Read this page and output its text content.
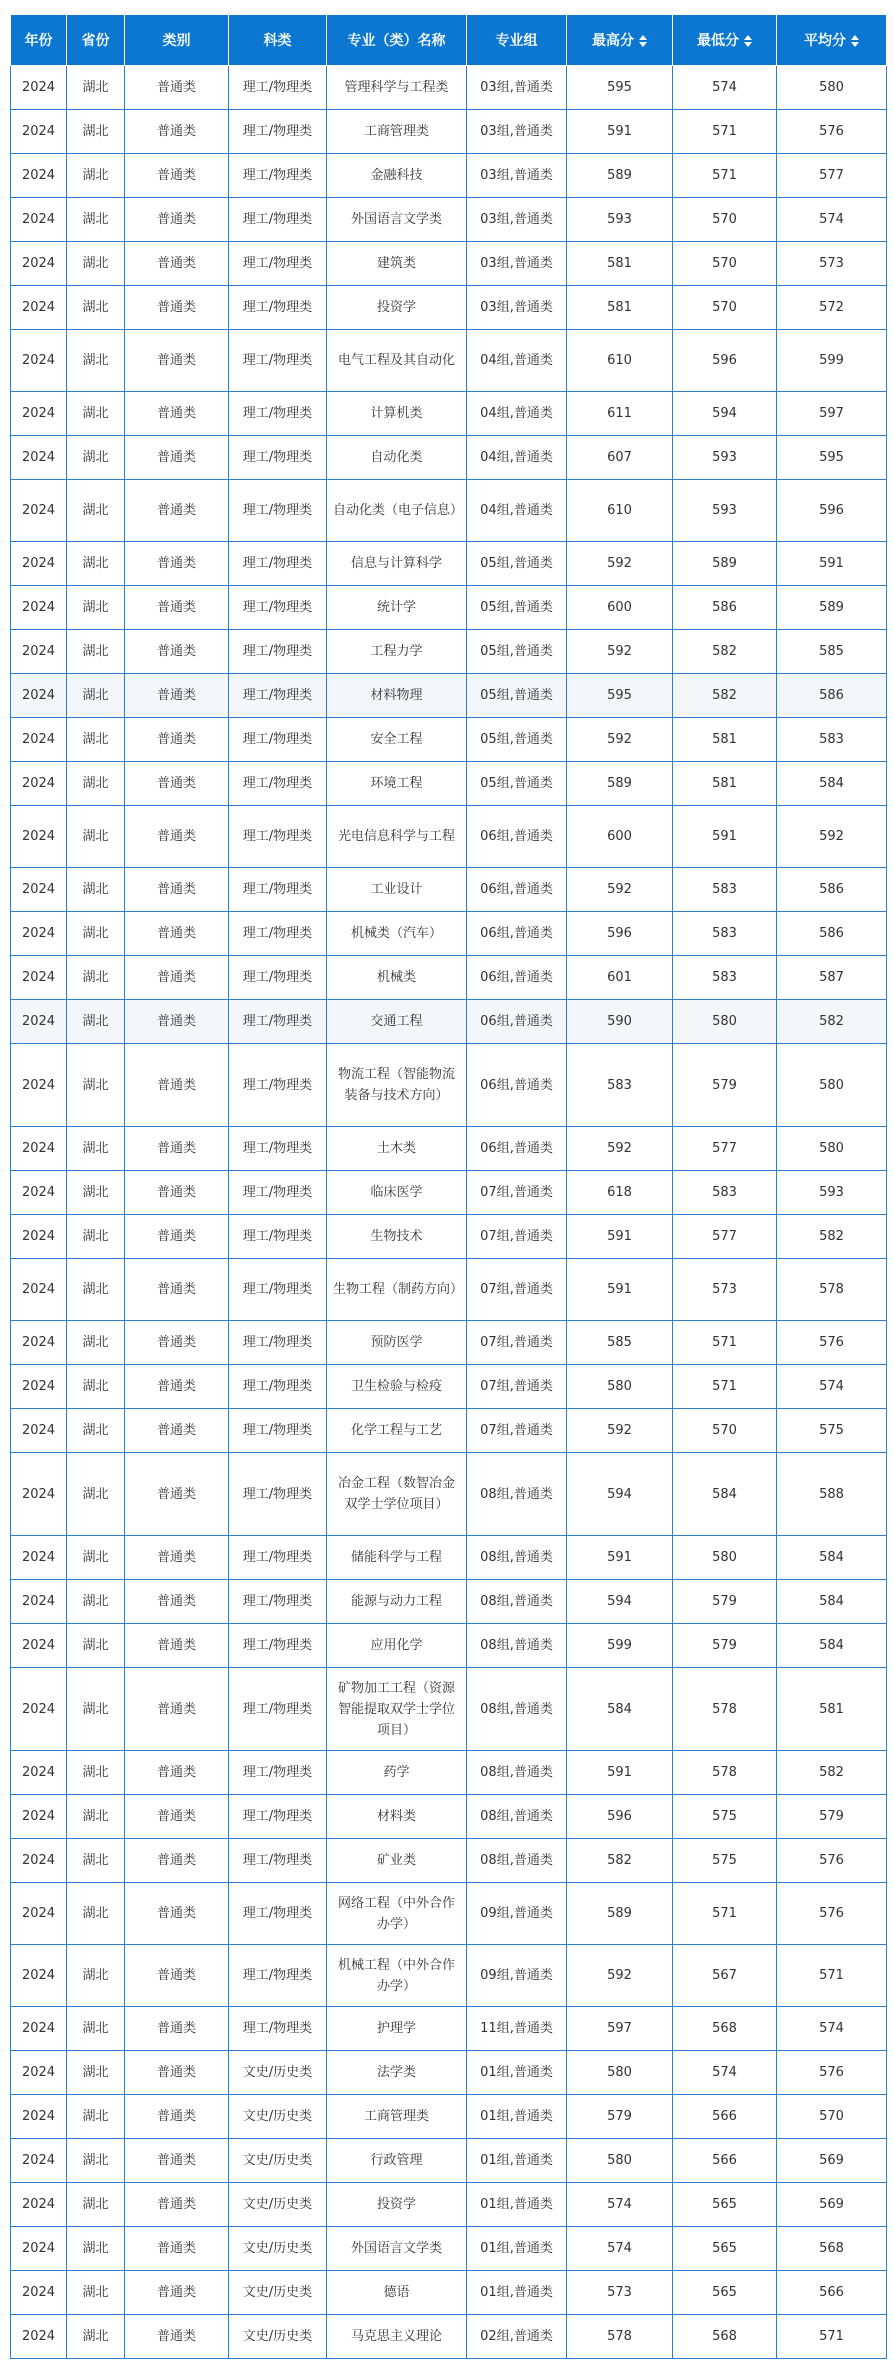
年份	省份	类别	科类	专业（类）名称	专业组	最高分	最低分	平均分
2024	湖北	普通类	理工/物理类	管理科学与工程类	03组,普通类	595	574	580
2024	湖北	普通类	理工/物理类	工商管理类	03组,普通类	591	571	576
2024	湖北	普通类	理工/物理类	金融科技	03组,普通类	589	571	577
2024	湖北	普通类	理工/物理类	外国语言文学类	03组,普通类	593	570	574
2024	湖北	普通类	理工/物理类	建筑类	03组,普通类	581	570	573
2024	湖北	普通类	理工/物理类	投资学	03组,普通类	581	570	572
2024	湖北	普通类	理工/物理类	电气工程及其自动化	04组,普通类	610	596	599
2024	湖北	普通类	理工/物理类	计算机类	04组,普通类	611	594	597
2024	湖北	普通类	理工/物理类	自动化类	04组,普通类	607	593	595
2024	湖北	普通类	理工/物理类	自动化类（电子信息）	04组,普通类	610	593	596
2024	湖北	普通类	理工/物理类	信息与计算科学	05组,普通类	592	589	591
2024	湖北	普通类	理工/物理类	统计学	05组,普通类	600	586	589
2024	湖北	普通类	理工/物理类	工程力学	05组,普通类	592	582	585
2024	湖北	普通类	理工/物理类	材料物理	05组,普通类	595	582	586
2024	湖北	普通类	理工/物理类	安全工程	05组,普通类	592	581	583
2024	湖北	普通类	理工/物理类	环境工程	05组,普通类	589	581	584
2024	湖北	普通类	理工/物理类	光电信息科学与工程	06组,普通类	600	591	592
2024	湖北	普通类	理工/物理类	工业设计	06组,普通类	592	583	586
2024	湖北	普通类	理工/物理类	机械类（汽车）	06组,普通类	596	583	586
2024	湖北	普通类	理工/物理类	机械类	06组,普通类	601	583	587
2024	湖北	普通类	理工/物理类	交通工程	06组,普通类	590	580	582
2024	湖北	普通类	理工/物理类	物流工程（智能物流装备与技术方向）	06组,普通类	583	579	580
2024	湖北	普通类	理工/物理类	土木类	06组,普通类	592	577	580
2024	湖北	普通类	理工/物理类	临床医学	07组,普通类	618	583	593
2024	湖北	普通类	理工/物理类	生物技术	07组,普通类	591	577	582
2024	湖北	普通类	理工/物理类	生物工程（制药方向）	07组,普通类	591	573	578
2024	湖北	普通类	理工/物理类	预防医学	07组,普通类	585	571	576
2024	湖北	普通类	理工/物理类	卫生检验与检疫	07组,普通类	580	571	574
2024	湖北	普通类	理工/物理类	化学工程与工艺	07组,普通类	592	570	575
2024	湖北	普通类	理工/物理类	冶金工程（数智冶金双学士学位项目）	08组,普通类	594	584	588
2024	湖北	普通类	理工/物理类	储能科学与工程	08组,普通类	591	580	584
2024	湖北	普通类	理工/物理类	能源与动力工程	08组,普通类	594	579	584
2024	湖北	普通类	理工/物理类	应用化学	08组,普通类	599	579	584
2024	湖北	普通类	理工/物理类	矿物加工工程（资源智能提取双学士学位项目）	08组,普通类	584	578	581
2024	湖北	普通类	理工/物理类	药学	08组,普通类	591	578	582
2024	湖北	普通类	理工/物理类	材料类	08组,普通类	596	575	579
2024	湖北	普通类	理工/物理类	矿业类	08组,普通类	582	575	576
2024	湖北	普通类	理工/物理类	网络工程（中外合作办学）	09组,普通类	589	571	576
2024	湖北	普通类	理工/物理类	机械工程（中外合作办学）	09组,普通类	592	567	571
2024	湖北	普通类	理工/物理类	护理学	11组,普通类	597	568	574
2024	湖北	普通类	文史/历史类	法学类	01组,普通类	580	574	576
2024	湖北	普通类	文史/历史类	工商管理类	01组,普通类	579	566	570
2024	湖北	普通类	文史/历史类	行政管理	01组,普通类	580	566	569
2024	湖北	普通类	文史/历史类	投资学	01组,普通类	574	565	569
2024	湖北	普通类	文史/历史类	外国语言文学类	01组,普通类	574	565	568
2024	湖北	普通类	文史/历史类	德语	01组,普通类	573	565	566
2024	湖北	普通类	文史/历史类	马克思主义理论	02组,普通类	578	568	571
